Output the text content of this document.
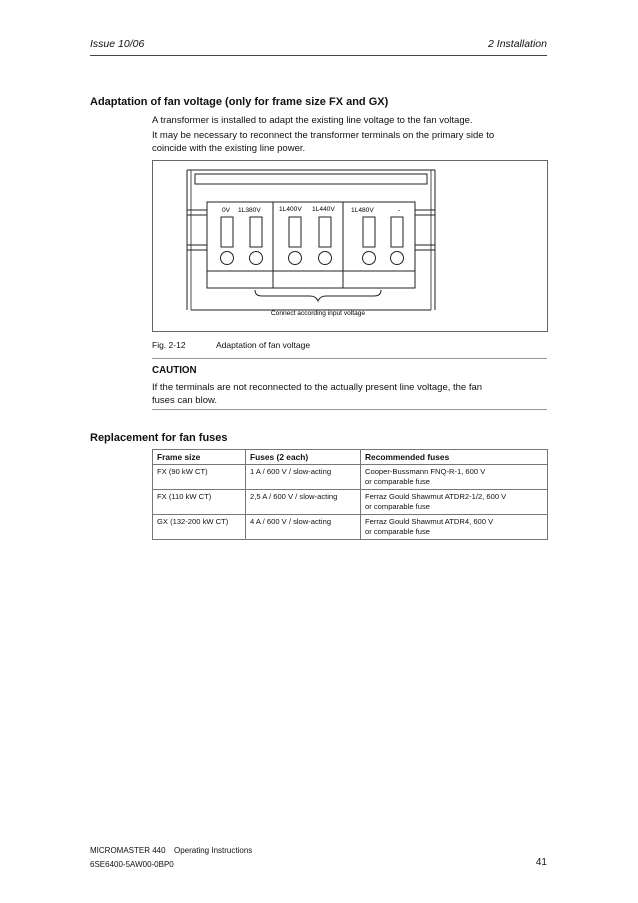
Issue 10/06	2 Installation
Adaptation of fan voltage (only for frame size FX and GX)
A transformer is installed to adapt the existing line voltage to the fan voltage.
It may be necessary to reconnect the transformer terminals on the primary side to
coincide with the existing line power.
0V 1L380V	1L400V 1L440V 1L480V	-
Connect according input voltage
Fig. 2-12	Adaptation of fan voltage
CAUTION
If the terminals are not reconnected to the actually present line voltage, the fan
fuses can blow.
Replacement for fan fuses
Frame size	Fuses (2 each)	Recommended fuses
FX (90 kW CT)	1 A / 600 V / slow-acting	Cooper-Bussmann FNQ-R-1, 600 V
or comparable fuse

FX (110 kW CT)	2,5 A / 600 V / slow-acting	Ferraz Gould Shawmut ATDR2-1/2, 600 V
or comparable fuse

GX (132-200 kW CT)	4 A / 600 V / slow-acting	Ferraz Gould Shawmut ATDR4, 600 V
or comparable fuse
MICROMASTER 440 Operating Instructions
6SE6400-5AW00-0BP0	41
